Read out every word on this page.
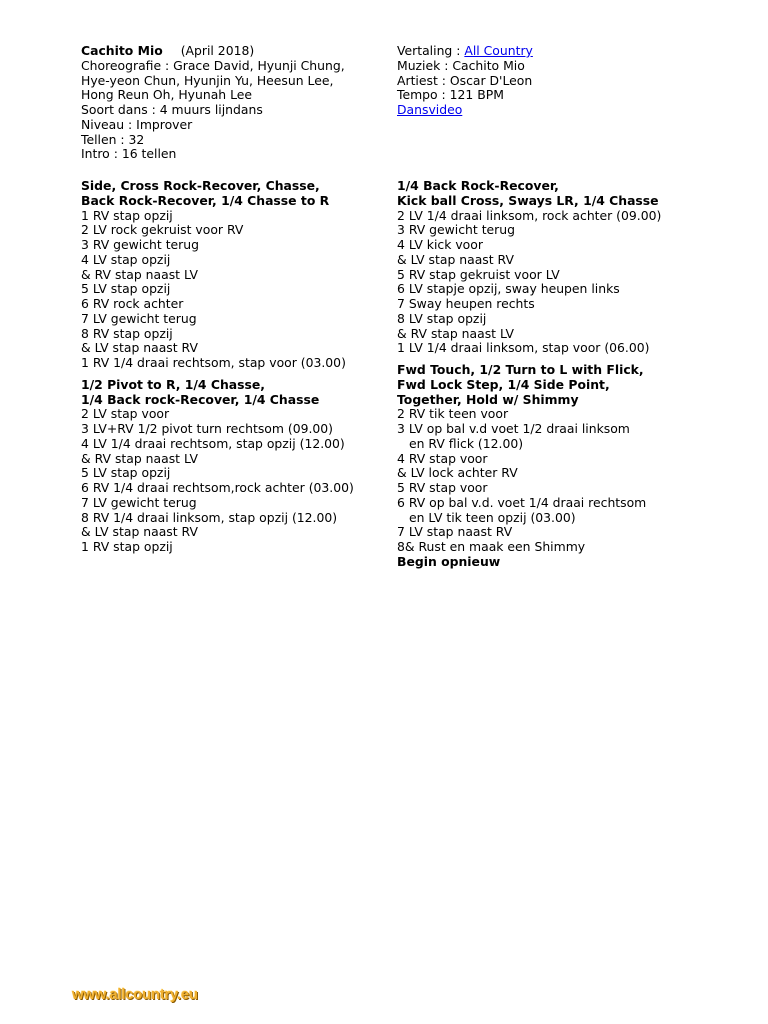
Cachito Mio (April 2018)
Choreografie : Grace David, Hyunji Chung,
Hye-yeon Chun, Hyunjin Yu, Heesun Lee,
Hong Reun Oh, Hyunah Lee
Soort dans : 4 muurs lijndans
Niveau : Improver
Tellen : 32
Intro : 16 tellen
Side, Cross Rock-Recover, Chasse,
Back Rock-Recover, 1/4 Chasse to R
1 RV stap opzij
2 LV rock gekruist voor RV
3 RV gewicht terug
4 LV stap opzij
& RV stap naast LV
5 LV stap opzij
6 RV rock achter
7 LV gewicht terug
8 RV stap opzij
& LV stap naast RV
1 RV 1/4 draai rechtsom, stap voor (03.00)
1/2 Pivot to R, 1/4 Chasse,
1/4 Back rock-Recover, 1/4 Chasse
2 LV stap voor
3 LV+RV 1/2 pivot turn rechtsom (09.00)
4 LV 1/4 draai rechtsom, stap opzij (12.00)
& RV stap naast LV
5 LV stap opzij
6 RV 1/4 draai rechtsom,rock achter (03.00)
7 LV gewicht terug
8 RV 1/4 draai linksom, stap opzij (12.00)
& LV stap naast RV
1 RV stap opzij
Vertaling : All Country
Muziek : Cachito Mio
Artiest : Oscar D'Leon
Tempo : 121 BPM
Dansvideo

1/4 Back Rock-Recover,
Kick ball Cross, Sways LR, 1/4 Chasse
2 LV 1/4 draai linksom, rock achter (09.00)
3 RV gewicht terug
4 LV kick voor
& LV stap naast RV
5 RV stap gekruist voor LV
6 LV stapje opzij, sway heupen links
7 Sway heupen rechts
8 LV stap opzij
& RV stap naast LV
1 LV 1/4 draai linksom, stap voor (06.00)
Fwd Touch, 1/2 Turn to L with Flick,
Fwd Lock Step, 1/4 Side Point,
Together, Hold w/ Shimmy
2 RV tik teen voor
3 LV op bal v.d voet 1/2 draai linksom
en RV flick (12.00)
4 RV stap voor
& LV lock achter RV
5 RV stap voor
6 RV op bal v.d. voet 1/4 draai rechtsom
en LV tik teen opzij (03.00)
7 LV stap naast RV
8& Rust en maak een Shimmy
Begin opnieuw
www.allcountry.eu
